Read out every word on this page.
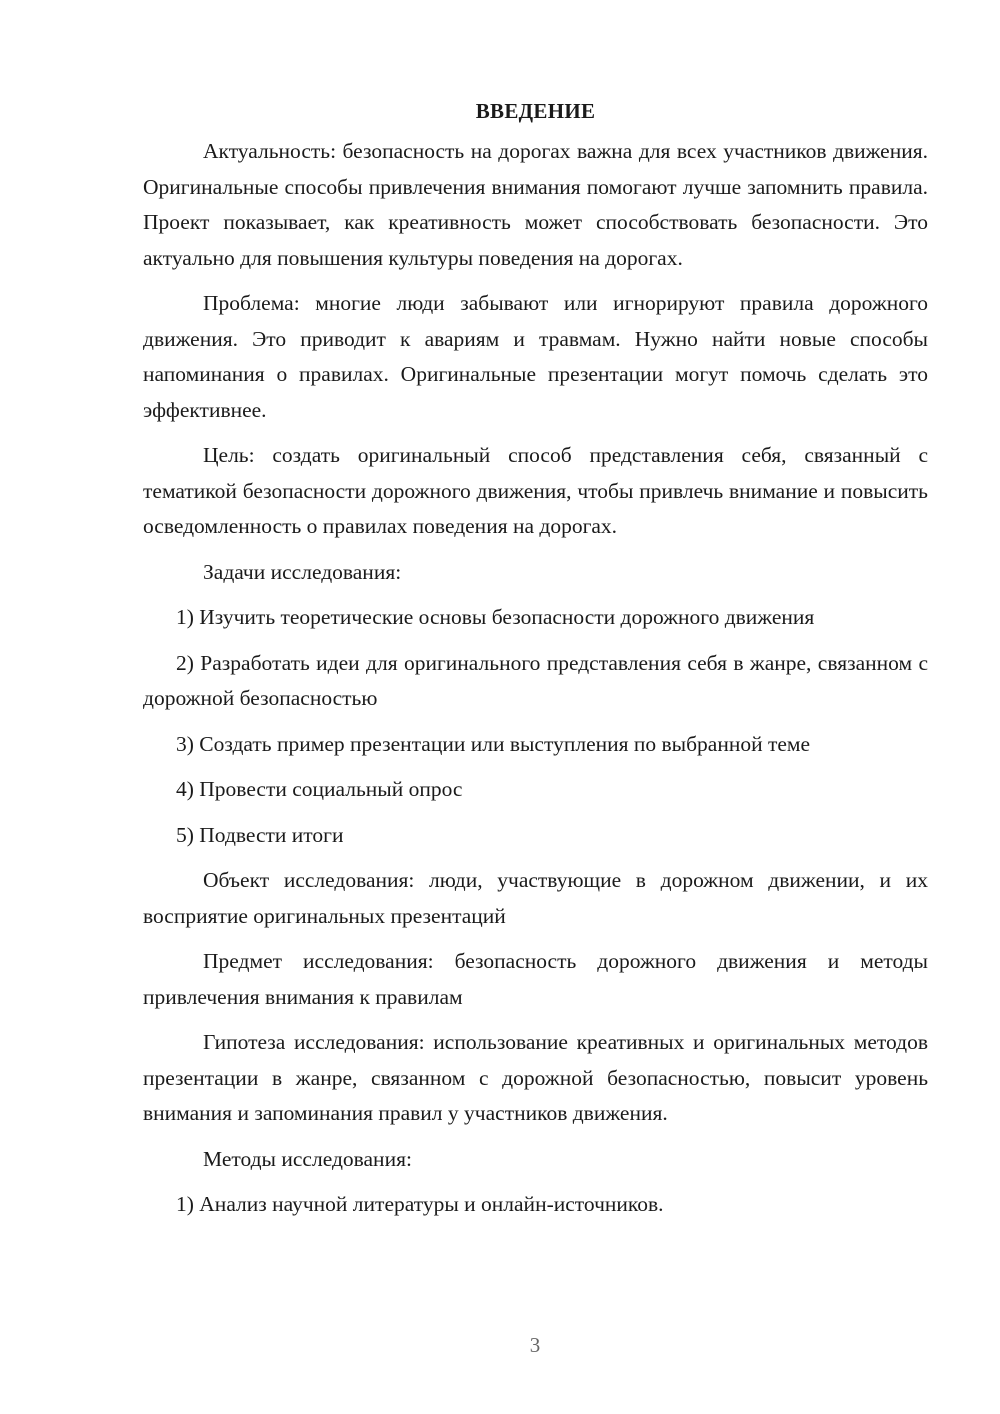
ВВЕДЕНИЕ

Актуальность: безопасность на дорогах важна для всех участников движения. Оригинальные способы привлечения внимания помогают лучше запомнить правила. Проект показывает, как креативность может способствовать безопасности. Это актуально для повышения культуры поведения на дорогах.

Проблема: многие люди забывают или игнорируют правила дорожного движения. Это приводит к авариям и травмам. Нужно найти новые способы напоминания о правилах. Оригинальные презентации могут помочь сделать это эффективнее.

Цель: создать оригинальный способ представления себя, связанный с тематикой безопасности дорожного движения, чтобы привлечь внимание и повысить осведомленность о правилах поведения на дорогах.

Задачи исследования:

1) Изучить теоретические основы безопасности дорожного движения

2) Разработать идеи для оригинального представления себя в жанре, связанном с дорожной безопасностью

3) Создать пример презентации или выступления по выбранной теме

4) Провести социальный опрос

5) Подвести итоги

Объект исследования: люди, участвующие в дорожном движении, и их восприятие оригинальных презентаций

Предмет исследования: безопасность дорожного движения и методы привлечения внимания к правилам

Гипотеза исследования: использование креативных и оригинальных методов презентации в жанре, связанном с дорожной безопасностью, повысит уровень внимания и запоминания правил у участников движения.

Методы исследования:

1) Анализ научной литературы и онлайн-источников.

3
